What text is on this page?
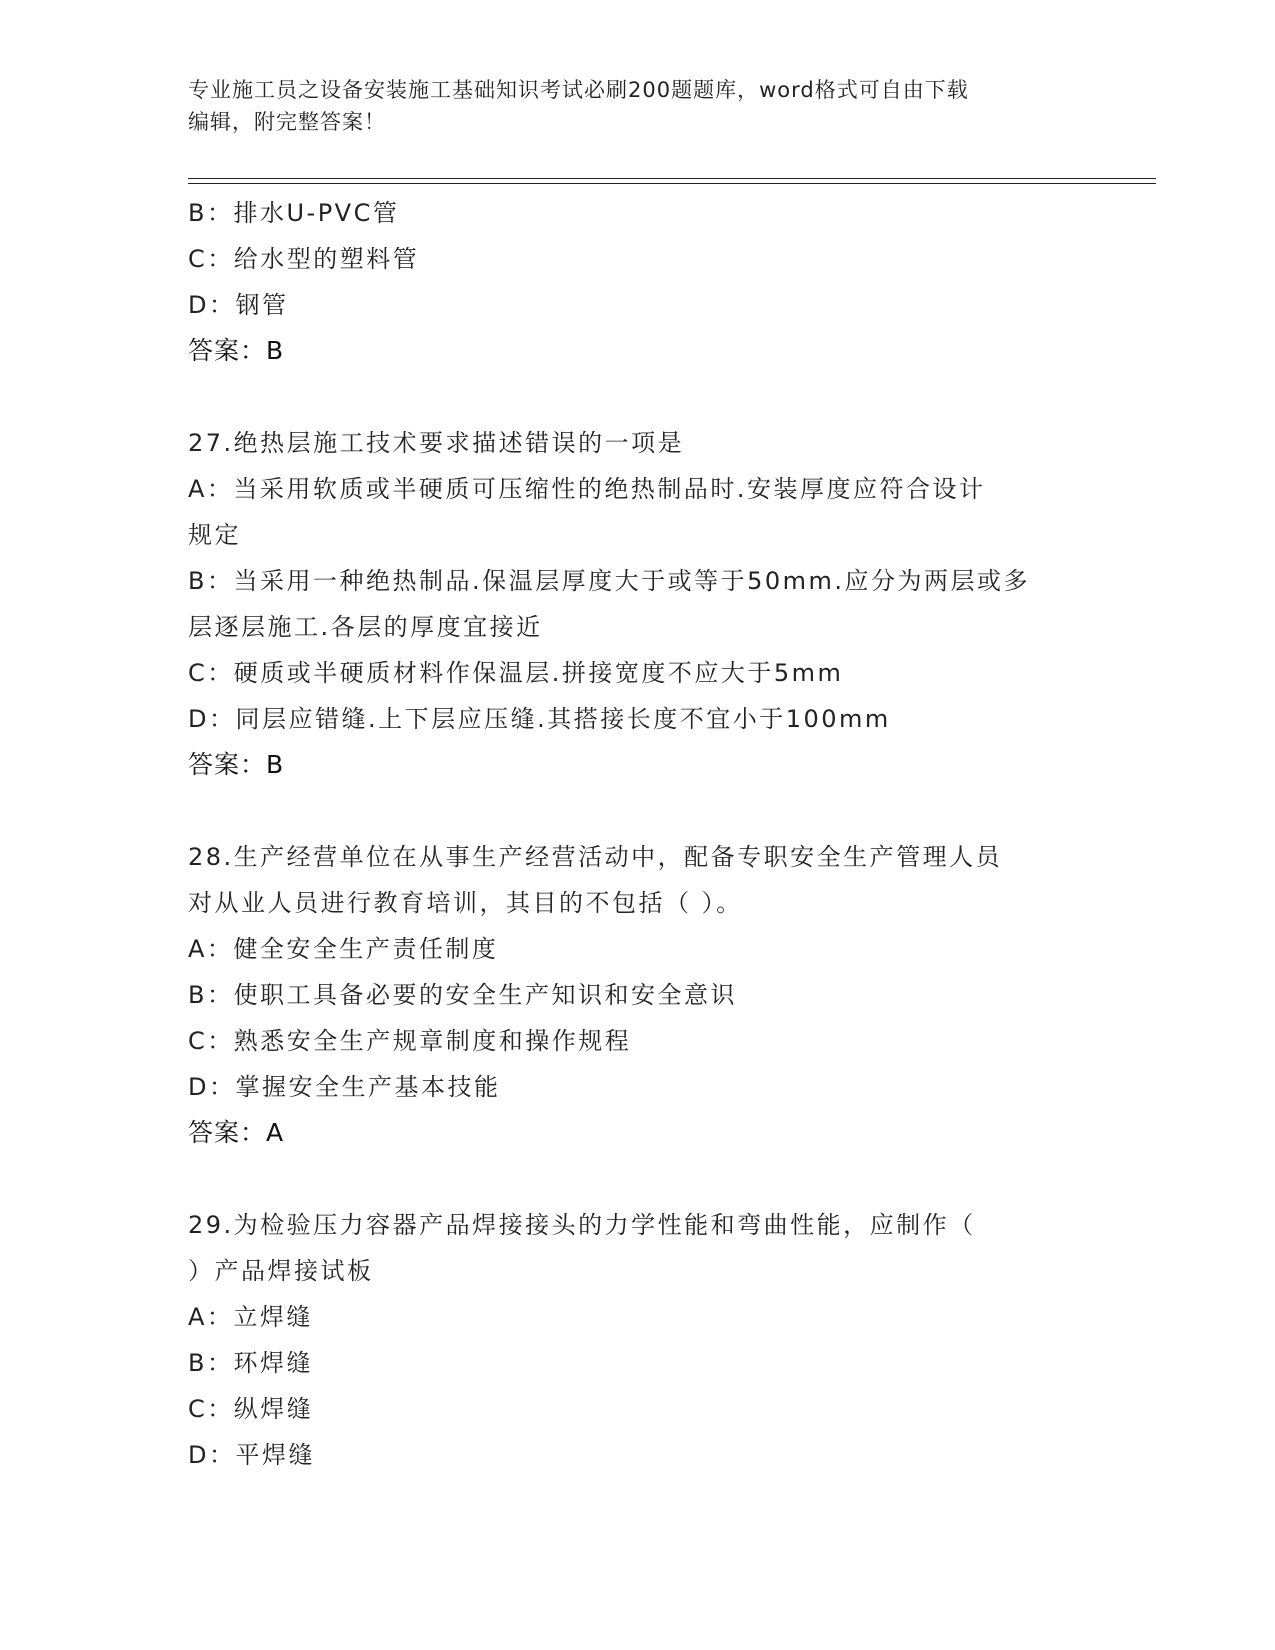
专业施工员之设备安装施工基础知识考试必刷200题题库，word格式可自由下载
编辑，附完整答案！
B：排水U-PVC管
C：给水型的塑料管
D：钢管
答案：B
27.绝热层施工技术要求描述错误的一项是
A：当采用软质或半硬质可压缩性的绝热制品时.安装厚度应符合设计
规定
B：当采用一种绝热制品.保温层厚度大于或等于50mm.应分为两层或多
层逐层施工.各层的厚度宜接近
C：硬质或半硬质材料作保温层.拼接宽度不应大于5mm
D：同层应错缝.上下层应压缝.其搭接长度不宜小于100mm
答案：B
28.生产经营单位在从事生产经营活动中，配备专职安全生产管理人员
对从业人员进行教育培训，其目的不包括（ ）。
A：健全安全生产责任制度
B：使职工具备必要的安全生产知识和安全意识
C：熟悉安全生产规章制度和操作规程
D：掌握安全生产基本技能
答案：A
29.为检验压力容器产品焊接接头的力学性能和弯曲性能，应制作（
）产品焊接试板
A：立焊缝
B：环焊缝
C：纵焊缝
D：平焊缝
